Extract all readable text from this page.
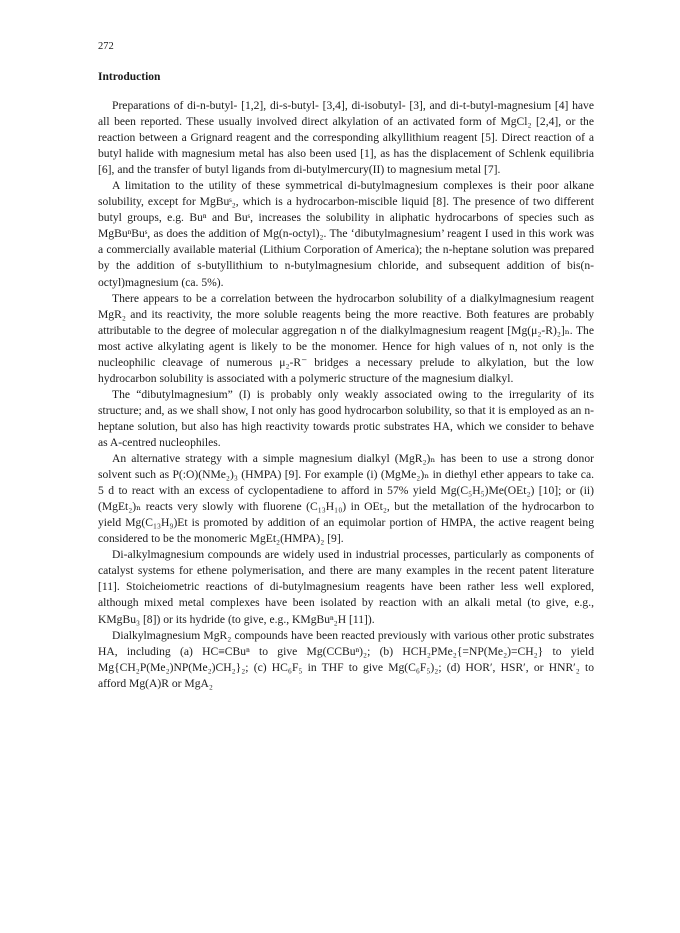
272
Introduction

Preparations of di-n-butyl- [1,2], di-s-butyl- [3,4], di-isobutyl- [3], and di-t-butyl-magnesium [4] have all been reported. These usually involved direct alkylation of an activated form of MgCl₂ [2,4], or the reaction between a Grignard reagent and the corresponding alkyllithium reagent [5]. Direct reaction of a butyl halide with magnesium metal has also been used [1], as has the displacement of Schlenk equilibria [6], and the transfer of butyl ligands from di-butylmercury(II) to magnesium metal [7].

A limitation to the utility of these symmetrical di-butylmagnesium complexes is their poor alkane solubility, except for MgBuˢ₂, which is a hydrocarbon-miscible liquid [8]. The presence of two different butyl groups, e.g. Buⁿ and Buˢ, increases the solubility in aliphatic hydrocarbons of species such as MgBuⁿBuˢ, as does the addition of Mg(n-octyl)₂. The ‘dibutylmagnesium’ reagent I used in this work was a commercially available material (Lithium Corporation of America); the n-heptane solution was prepared by the addition of s-butyllithium to n-butylmagnesium chloride, and subsequent addition of bis(n-octyl)magnesium (ca. 5%).

There appears to be a correlation between the hydrocarbon solubility of a dialkylmagnesium reagent MgR₂ and its reactivity, the more soluble reagents being the more reactive. Both features are probably attributable to the degree of molecular aggregation n of the dialkylmagnesium reagent [Mg(μ₂-R)₂]ₙ. The most active alkylating agent is likely to be the monomer. Hence for high values of n, not only is the nucleophilic cleavage of numerous μ₂-R⁻ bridges a necessary prelude to alkylation, but the low hydrocarbon solubility is associated with a polymeric structure of the magnesium dialkyl.

The “dibutylmagnesium” (I) is probably only weakly associated owing to the irregularity of its structure; and, as we shall show, I not only has good hydrocarbon solubility, so that it is employed as an n-heptane solution, but also has high reactivity towards protic substrates HA, which we consider to behave as A-centred nucleophiles.

An alternative strategy with a simple magnesium dialkyl (MgR₂)ₙ has been to use a strong donor solvent such as P(:O)(NMe₂)₃ (HMPA) [9]. For example (i) (MgMe₂)ₙ in diethyl ether appears to take ca. 5 d to react with an excess of cyclopentadiene to afford in 57% yield Mg(C₅H₅)Me(OEt₂) [10]; or (ii) (MgEt₂)ₙ reacts very slowly with fluorene (C₁₃H₁₀) in OEt₂, but the metallation of the hydrocarbon to yield Mg(C₁₃H₉)Et is promoted by addition of an equimolar portion of HMPA, the active reagent being considered to be the monomeric MgEt₂(HMPA)₂ [9].

Di-alkylmagnesium compounds are widely used in industrial processes, particularly as components of catalyst systems for ethene polymerisation, and there are many examples in the recent patent literature [11]. Stoicheiometric reactions of di-butylmagnesium reagents have been rather less well explored, although mixed metal complexes have been isolated by reaction with an alkali metal (to give, e.g., KMgBu₃ [8]) or its hydride (to give, e.g., KMgBuⁿ₂H [11]).

Dialkylmagnesium MgR₂ compounds have been reacted previously with various other protic substrates HA, including (a) HC≡CBuⁿ to give Mg(CCBuⁿ)₂; (b) HCH₂PMe₂{=NP(Me₂)=CH₂} to yield Mg{CH₂P(Me₂)NP(Me₂)CH₂}₂; (c) HC₆F₅ in THF to give Mg(C₆F₅)₂; (d) HOR′, HSR′, or HNR′₂ to afford Mg(A)R or MgA₂
